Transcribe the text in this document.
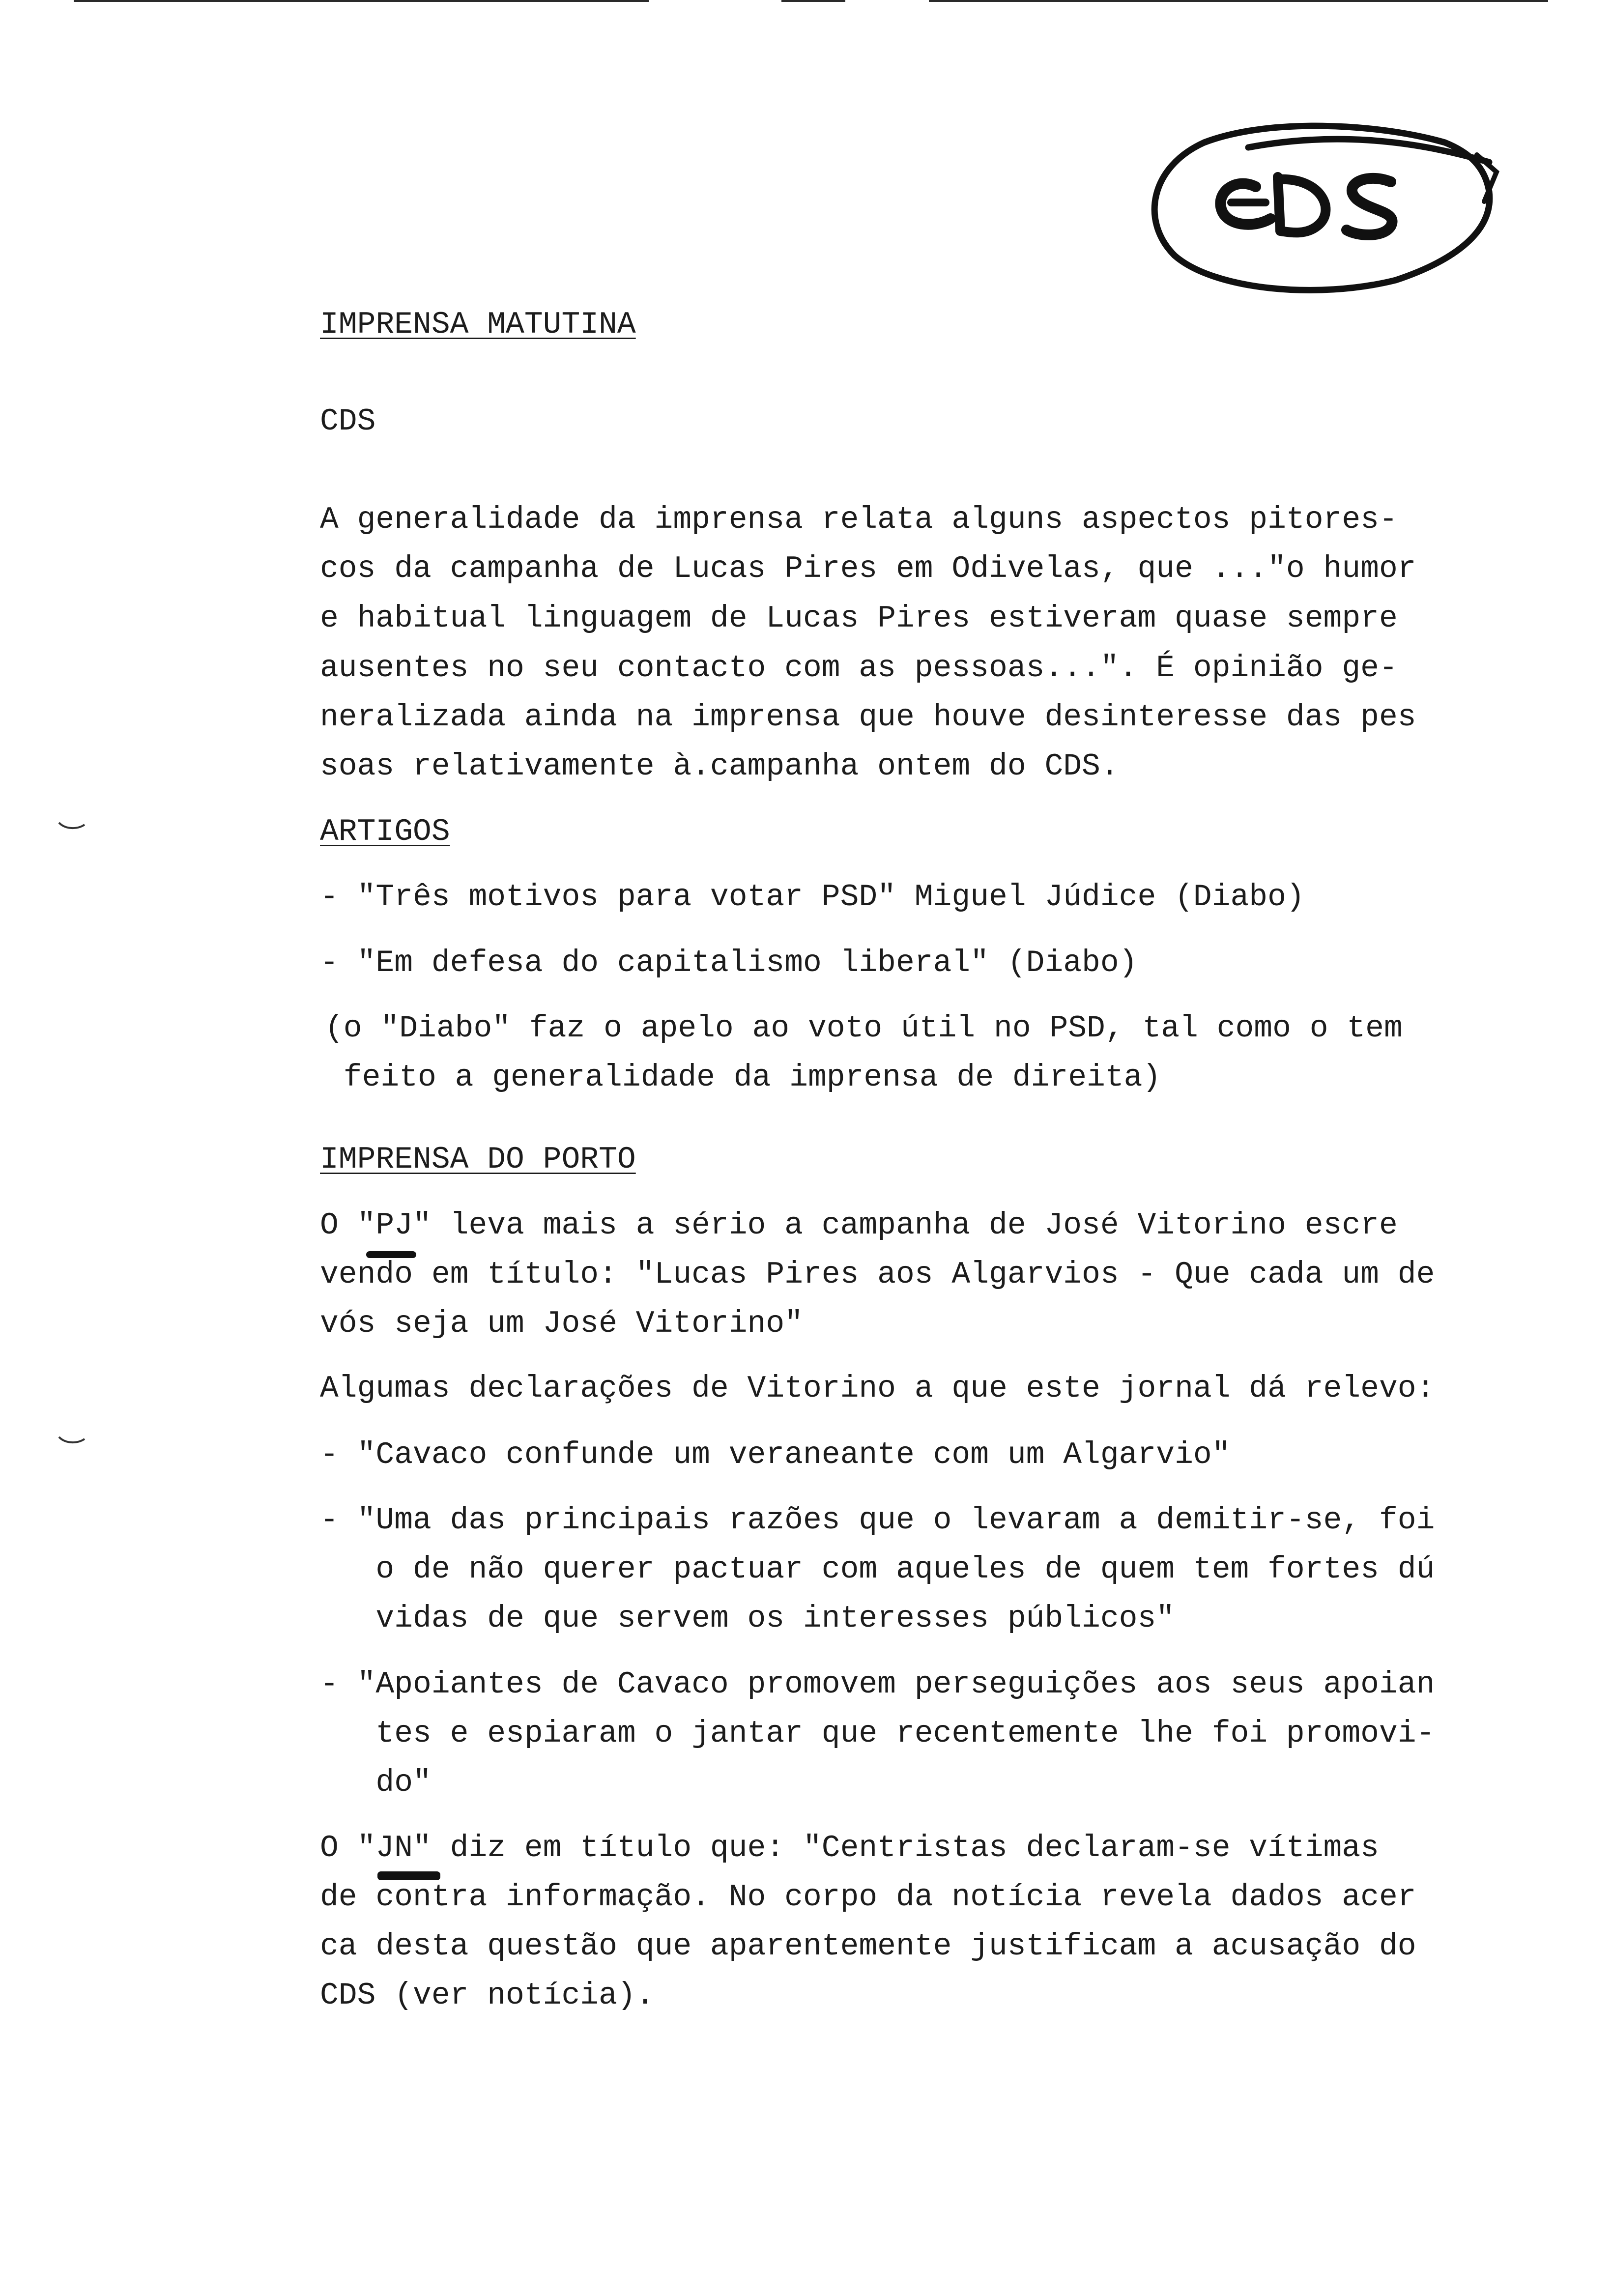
IMPRENSA MATUTINA
CDS
A generalidade da imprensa relata alguns aspectos pitores-
cos da campanha de Lucas Pires em Odivelas, que ..."o humor
e habitual linguagem de Lucas Pires estiveram quase sempre
ausentes no seu contacto com as pessoas...". É opinião ge-
neralizada ainda na imprensa que houve desinteresse das pes
soas relativamente à.campanha ontem do CDS.
ARTIGOS
- "Três motivos para votar PSD" Miguel Júdice (Diabo)
- "Em defesa do capitalismo liberal" (Diabo)
(o "Diabo" faz o apelo ao voto útil no PSD, tal como o tem
feito a generalidade da imprensa de direita)
IMPRENSA DO PORTO
O "PJ" leva mais a sério a campanha de José Vitorino escre
vendo em título: "Lucas Pires aos Algarvios - Que cada um de
vós seja um José Vitorino"
Algumas declarações de Vitorino a que este jornal dá relevo:
- "Cavaco confunde um veraneante com um Algarvio"
- "Uma das principais razões que o levaram a demitir-se, foi
o de não querer pactuar com aqueles de quem tem fortes dú
vidas de que servem os interesses públicos"
- "Apoiantes de Cavaco promovem perseguições aos seus apoian
tes e espiaram o jantar que recentemente lhe foi promovi-
do"
O "JN" diz em título que: "Centristas declaram-se vítimas
de contra informação. No corpo da notícia revela dados acer
ca desta questão que aparentemente justificam a acusação do
CDS (ver notícia).
